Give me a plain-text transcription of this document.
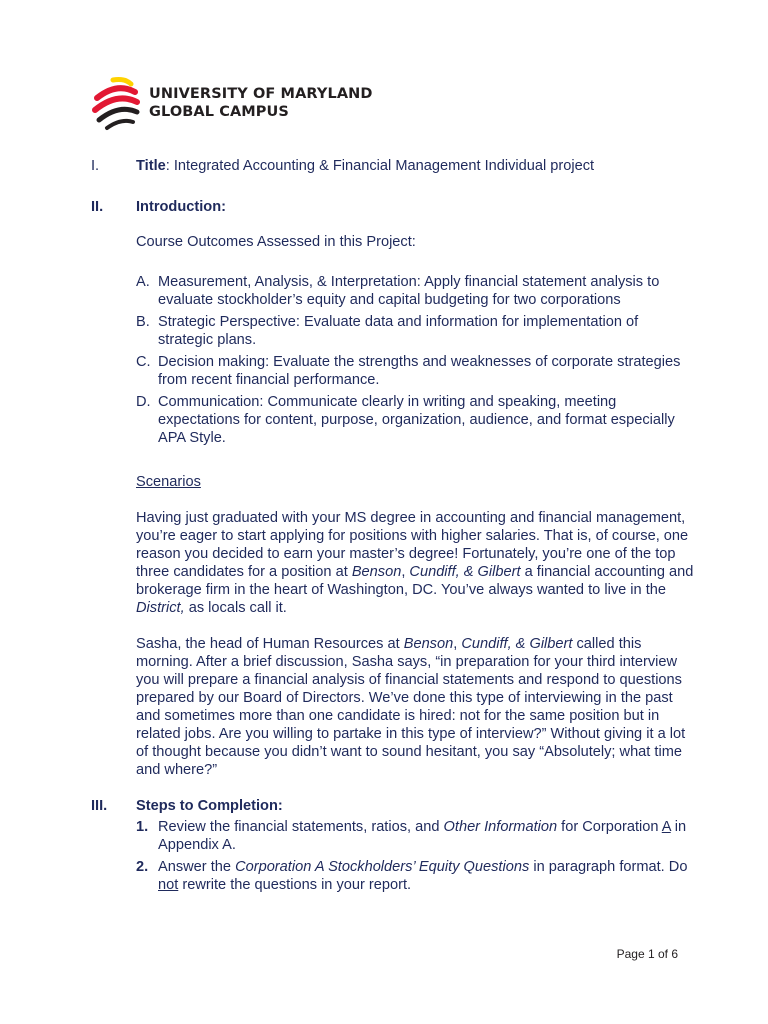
UNIVERSITY OF MARYLAND
GLOBAL CAMPUS
I.	Title: Integrated Accounting & Financial Management Individual project
II. Introduction:
Course Outcomes Assessed in this Project:
A. Measurement, Analysis, & Interpretation: Apply financial statement analysis to evaluate stockholder’s equity and capital budgeting for two corporations
B. Strategic Perspective: Evaluate data and information for implementation of strategic plans.
C. Decision making: Evaluate the strengths and weaknesses of corporate strategies from recent financial performance.
D. Communication: Communicate clearly in writing and speaking, meeting expectations for content, purpose, organization, audience, and format especially APA Style.
Scenarios
Having just graduated with your MS degree in accounting and financial management, you’re eager to start applying for positions with higher salaries. That is, of course, one reason you decided to earn your master’s degree! Fortunately, you’re one of the top three candidates for a position at Benson, Cundiff, & Gilbert a financial accounting and brokerage firm in the heart of Washington, DC. You’ve always wanted to live in the District, as locals call it.
Sasha, the head of Human Resources at Benson, Cundiff, & Gilbert called this morning. After a brief discussion, Sasha says, “in preparation for your third interview you will prepare a financial analysis of financial statements and respond to questions prepared by our Board of Directors. We’ve done this type of interviewing in the past and sometimes more than one candidate is hired: not for the same position but in related jobs. Are you willing to partake in this type of interview?” Without giving it a lot of thought because you didn’t want to sound hesitant, you say “Absolutely; what time and where?”
III. Steps to Completion:
1. Review the financial statements, ratios, and Other Information for Corporation A in Appendix A.
2. Answer the Corporation A Stockholders’ Equity Questions in paragraph format. Do not rewrite the questions in your report.
Page 1 of 6
